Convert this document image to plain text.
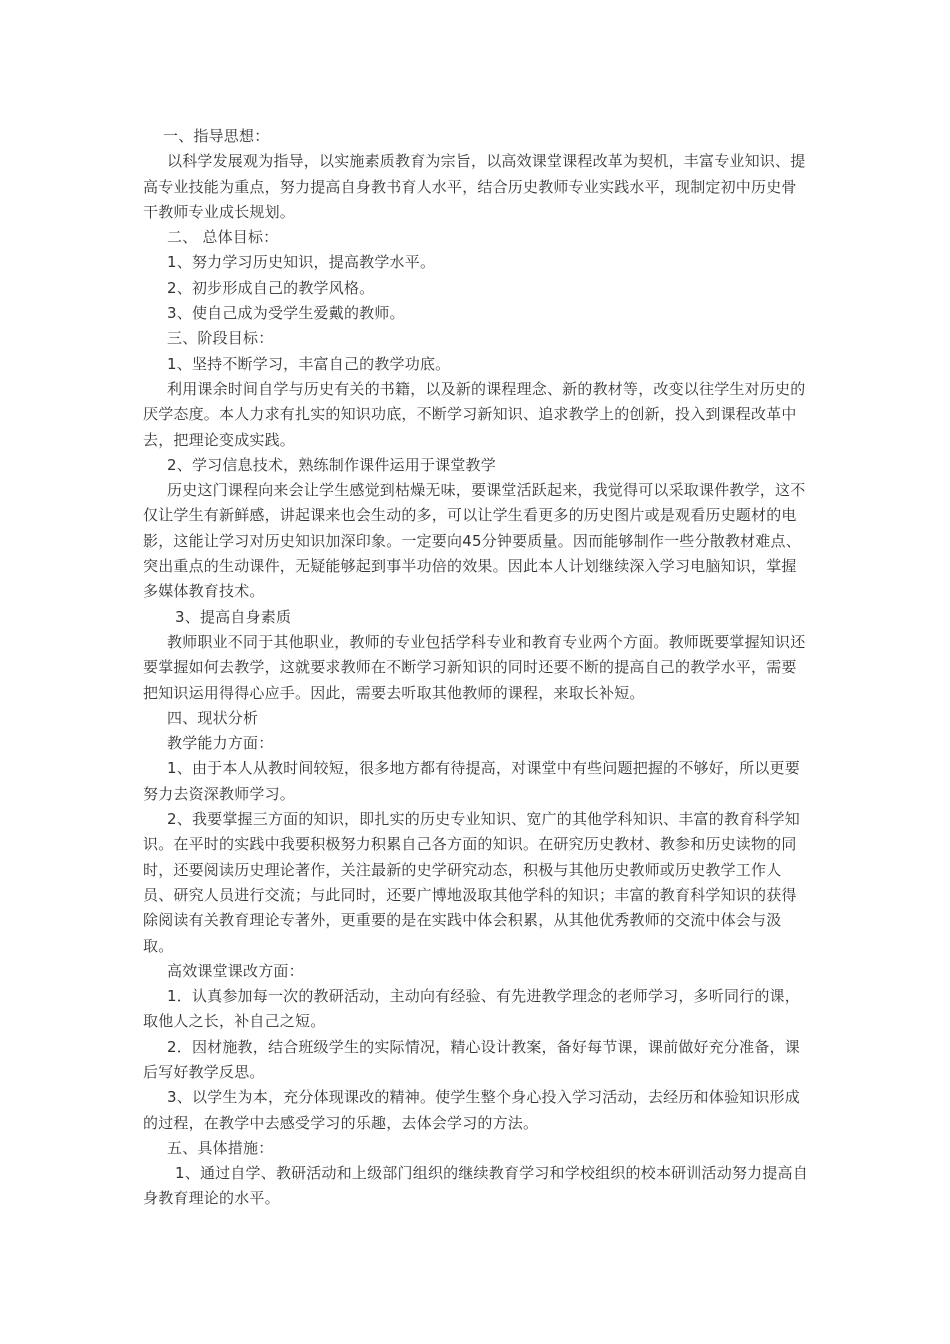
一、指导思想：

以科学发展观为指导，以实施素质教育为宗旨，以高效课堂课程改革为契机，丰富专业知识、提高专业技能为重点，努力提高自身教书育人水平，结合历史教师专业实践水平，现制定初中历史骨干教师专业成长规划。

二、 总体目标：

1、努力学习历史知识，提高教学水平。

2、初步形成自己的教学风格。

3、使自己成为受学生爱戴的教师。

三、阶段目标：

1、坚持不断学习，丰富自己的教学功底。

利用课余时间自学与历史有关的书籍，以及新的课程理念、新的教材等，改变以往学生对历史的厌学态度。本人力求有扎实的知识功底，不断学习新知识、追求教学上的创新，投入到课程改革中去，把理论变成实践。

2、学习信息技术，熟练制作课件运用于课堂教学

历史这门课程向来会让学生感觉到枯燥无味，要课堂活跃起来，我觉得可以采取课件教学，这不仅让学生有新鲜感，讲起课来也会生动的多，可以让学生看更多的历史图片或是观看历史题材的电影，这能让学习对历史知识加深印象。一定要向45分钟要质量。因而能够制作一些分散教材难点、突出重点的生动课件，无疑能够起到事半功倍的效果。因此本人计划继续深入学习电脑知识，掌握多媒体教育技术。

3、提高自身素质

教师职业不同于其他职业，教师的专业包括学科专业和教育专业两个方面。教师既要掌握知识还要掌握如何去教学，这就要求教师在不断学习新知识的同时还要不断的提高自己的教学水平，需要把知识运用得得心应手。因此，需要去听取其他教师的课程，来取长补短。

四、现状分析

教学能力方面：

1、由于本人从教时间较短，很多地方都有待提高，对课堂中有些问题把握的不够好，所以更要努力去资深教师学习。

2、我要掌握三方面的知识，即扎实的历史专业知识、宽广的其他学科知识、丰富的教育科学知识。在平时的实践中我要积极努力积累自己各方面的知识。在研究历史教材、教参和历史读物的同时，还要阅读历史理论著作，关注最新的史学研究动态，积极与其他历史教师或历史教学工作人员、研究人员进行交流；与此同时，还要广博地汲取其他学科的知识；丰富的教育科学知识的获得除阅读有关教育理论专著外，更重要的是在实践中体会积累，从其他优秀教师的交流中体会与汲取。

高效课堂课改方面：

1．认真参加每一次的教研活动，主动向有经验、有先进教学理念的老师学习，多听同行的课，取他人之长，补自己之短。

2．因材施教，结合班级学生的实际情况，精心设计教案，备好每节课，课前做好充分准备，课后写好教学反思。

3、以学生为本，充分体现课改的精神。使学生整个身心投入学习活动，去经历和体验知识形成的过程，在教学中去感受学习的乐趣，去体会学习的方法。

五、具体措施：

1、通过自学、教研活动和上级部门组织的继续教育学习和学校组织的校本研训活动努力提高自身教育理论的水平。
